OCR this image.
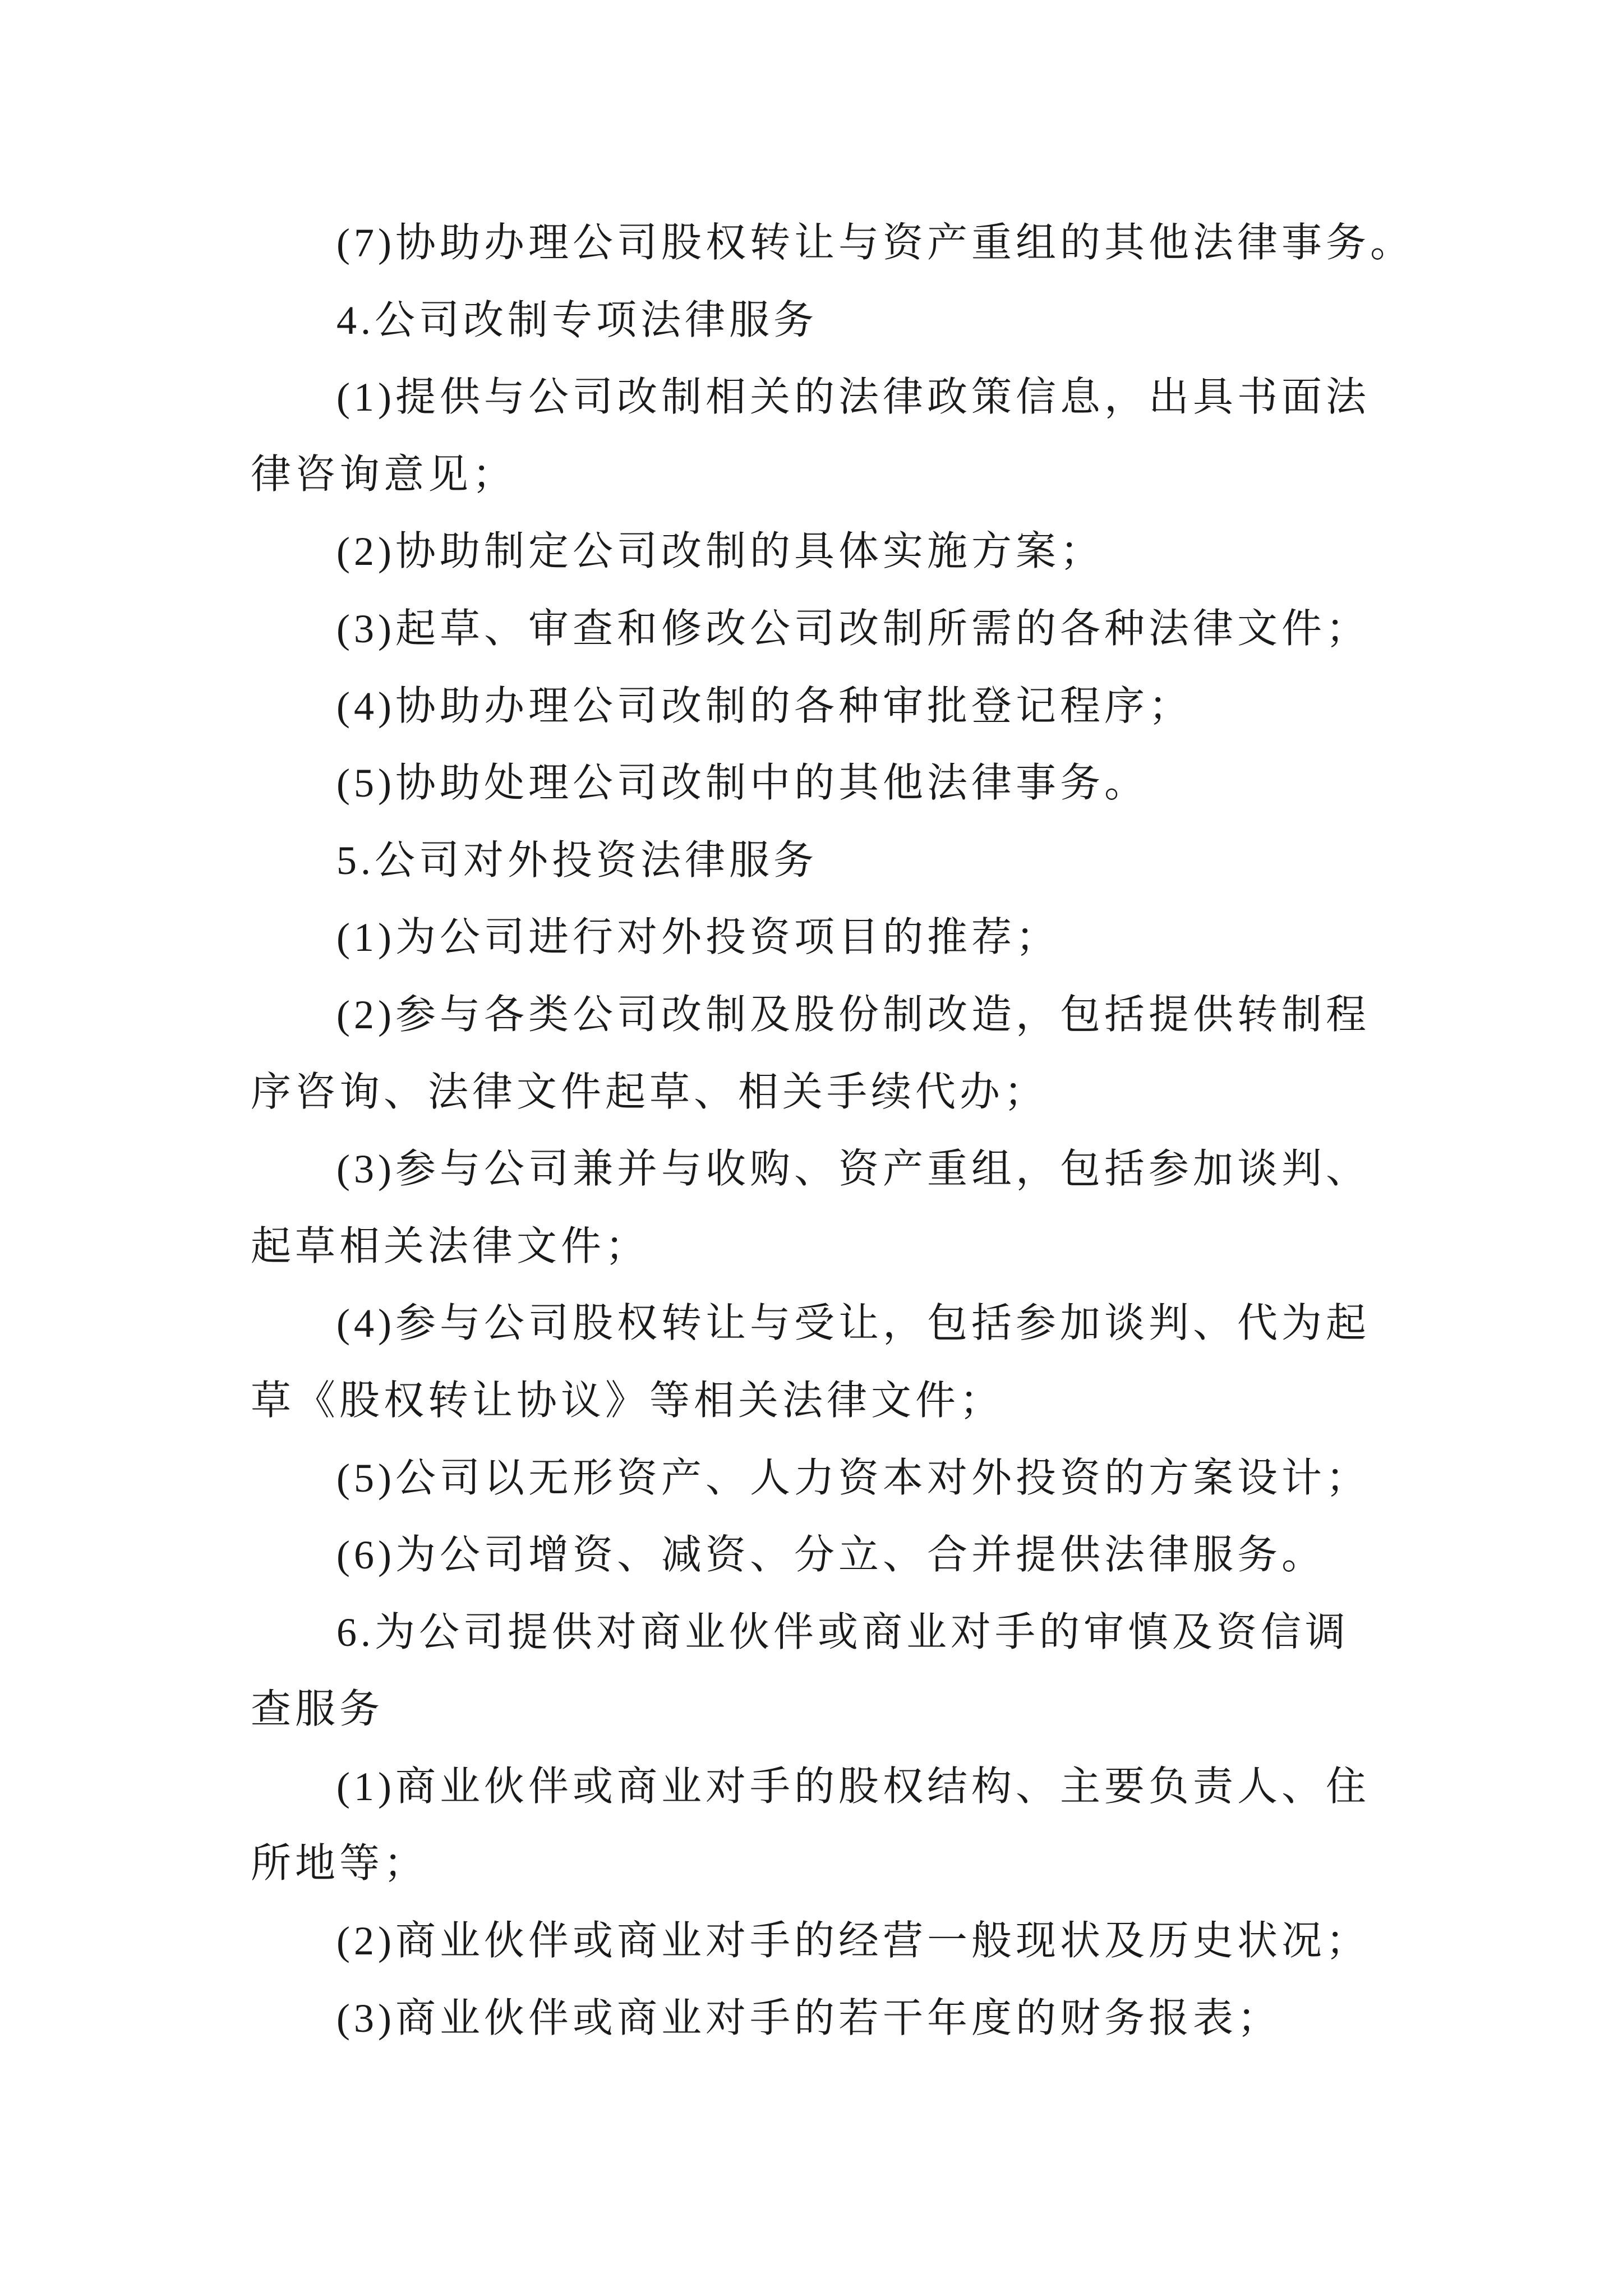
(7)协助办理公司股权转让与资产重组的其他法律事务。
4.公司改制专项法律服务
(1)提供与公司改制相关的法律政策信息，出具书面法
律咨询意见；
(2)协助制定公司改制的具体实施方案；
(3)起草、审查和修改公司改制所需的各种法律文件；
(4)协助办理公司改制的各种审批登记程序；
(5)协助处理公司改制中的其他法律事务。
5.公司对外投资法律服务
(1)为公司进行对外投资项目的推荐；
(2)参与各类公司改制及股份制改造，包括提供转制程
序咨询、法律文件起草、相关手续代办；
(3)参与公司兼并与收购、资产重组，包括参加谈判、
起草相关法律文件；
(4)参与公司股权转让与受让，包括参加谈判、代为起
草《股权转让协议》等相关法律文件；
(5)公司以无形资产、人力资本对外投资的方案设计；
(6)为公司增资、减资、分立、合并提供法律服务。
6.为公司提供对商业伙伴或商业对手的审慎及资信调
查服务
(1)商业伙伴或商业对手的股权结构、主要负责人、住
所地等；
(2)商业伙伴或商业对手的经营一般现状及历史状况；
(3)商业伙伴或商业对手的若干年度的财务报表；
